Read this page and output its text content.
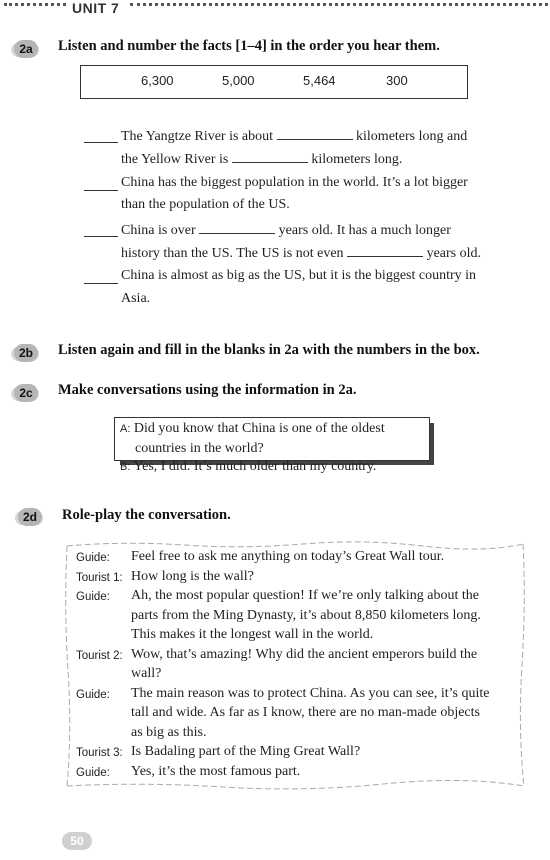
UNIT 7
2a	Listen and number the facts [1–4] in the order you hear them.
6,300	5,000	5,464	300
The Yangtze River is about	kilometers long and
the Yellow River is	kilometers long.
China has the biggest population in the world. It’s a lot bigger
than the population of the US.
China is over	years old. It has a much longer
history than the US. The US is not even	years old.
China is almost as big as the US, but it is the biggest country in
Asia.
2b	Listen again and fill in the blanks in 2a with the numbers in the box.
2c	Make conversations using the information in 2a.
A: Did you know that China is one of the oldest
countries in the world?
B: Yes, I did. It’s much older than my country.
2d	Role-play the conversation.
Guide: Feel free to ask me anything on today’s Great Wall tour.
Tourist 1: How long is the wall?
Guide: Ah, the most popular question! If we’re only talking about the
parts from the Ming Dynasty, it’s about 8,850 kilometers long.
This makes it the longest wall in the world.
Tourist 2: Wow, that’s amazing! Why did the ancient emperors build the
wall?
Guide: The main reason was to protect China. As you can see, it’s quite
tall and wide. As far as I know, there are no man-made objects
as big as this.
Tourist 3: Is Badaling part of the Ming Great Wall?
Guide: Yes, it’s the most famous part.
50
